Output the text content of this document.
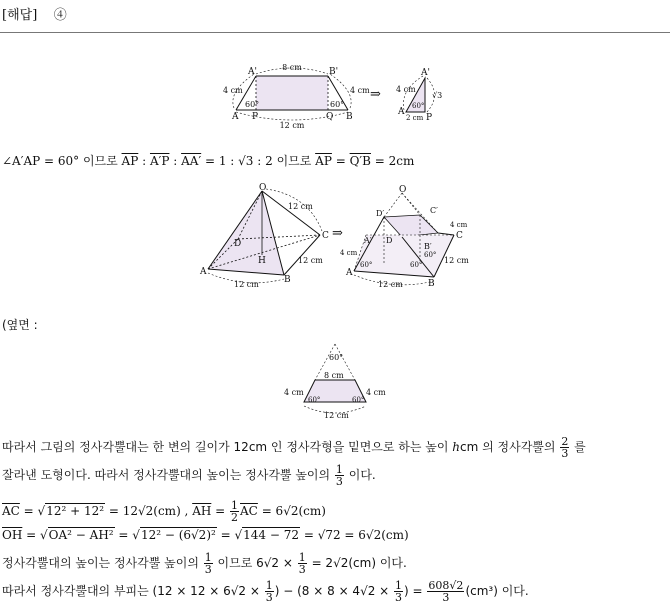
[해답] ④
8 cm
12 cm
4 cm	4 cm
60°	60°
A'	B'
A P	Q B
⇒
A'
4 cm
√3
60°
A
P
2 cm
∠A′AP = 60° 이므로 $\overline{AP}$ : A′P : AA′ = 1 : √3 : 2 이므로 $\overline{AP} = Q'B = 2cm$
O
D
C
H
A
B
12 cm
12 cm
12 cm
⇒
O
D′	C′
A′
B′
D	C
A
B
4 cm
4 cm
12 cm
12 cm
60°	60°
60°
(옆면 :
60°
8 cm
4 cm	4 cm
60°	60°
12 cm
따라서 그림의 정사각뿔대는 한 변의 길이가 12cm 인 정사각형을 밑면으로 하는 높이 hcm 의 정사각뿔의 $\frac{2}{3}$ 를
잘라낸 도형이다. 따라서 정사각뿔대의 높이는 정사각뿔 높이의 $\frac{1}{3}$ 이다.
$\overline{AC} = √12^2 + 12^2 = 12√2(cm)$ , $\overline{AH} = \frac{1}{2} \overline{AC} = 6√2(cm)$
$\overline{OH} = √OA^2 - AH^2 = √12^2 - (6√2)^2 = √144 - 72 = √72 = 6√2(cm)$
정사각뿔대의 높이는 정사각뿔 높이의 $\frac{1}{3}$ 이므로 $6√2 \times \frac{1}{3} = 2√2(cm)$ 이다.
따라서 정사각뿔대의 부피는 ($12 \times 12 \times 6√2 \times \frac{1}{3}$ ) − ($8 \times 8 \times 4√2 \times \frac{1}{3}$ ) = $\frac{608√2}{3} (cm^3)$ 이다.
